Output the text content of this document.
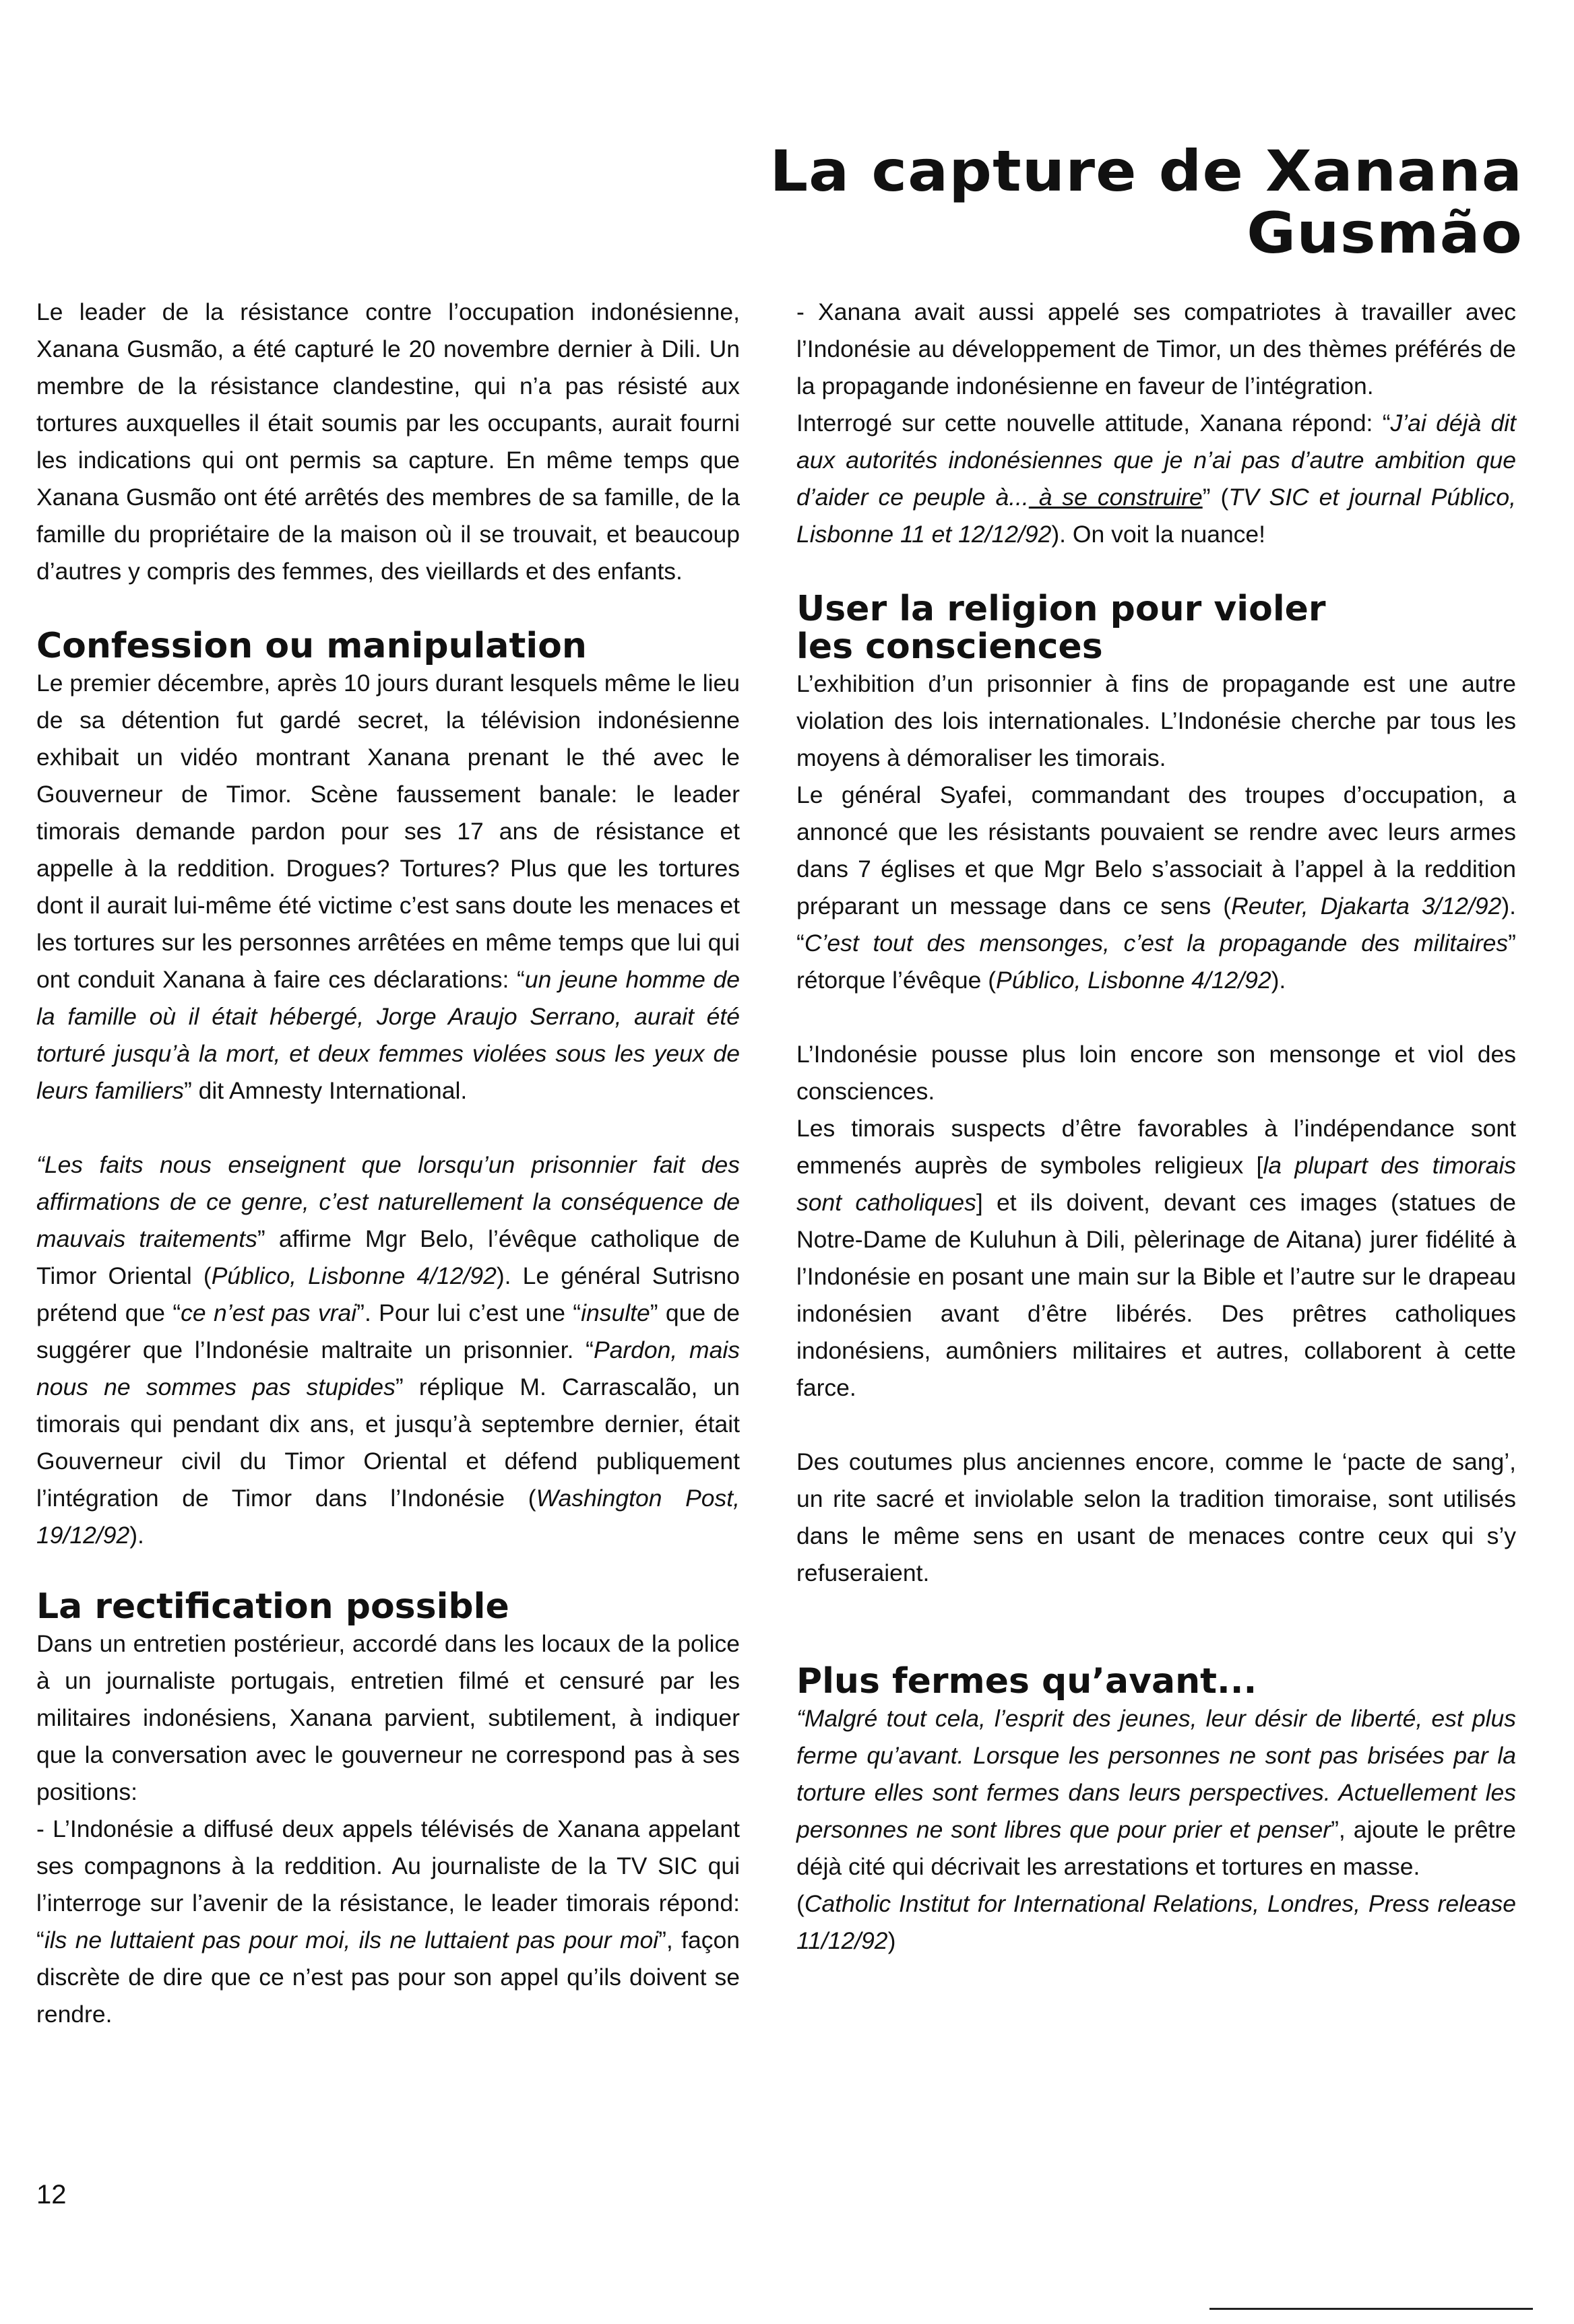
La capture de Xanana Gusmão

Le leader de la résistance contre l’occupation indonésienne, Xanana Gusmão, a été capturé le 20 novembre dernier à Dili. Un membre de la résistance clandestine, qui n’a pas résisté aux tortures auxquelles il était soumis par les occupants, aurait fourni les indications qui ont permis sa capture. En même temps que Xanana Gusmão ont été arrêtés des membres de sa famille, de la famille du propriétaire de la maison où il se trouvait, et beaucoup d’autres y compris des femmes, des vieillards et des enfants.

Confession ou manipulation

Le premier décembre, après 10 jours durant lesquels même le lieu de sa détention fut gardé secret, la télévision indonésienne exhibait un vidéo montrant Xanana prenant le thé avec le Gouverneur de Timor. Scène faussement banale: le leader timorais demande pardon pour ses 17 ans de résistance et appelle à la reddition. Drogues? Tortures? Plus que les tortures dont il aurait lui-même été victime c’est sans doute les menaces et les tortures sur les personnes arrêtées en même temps que lui qui ont conduit Xanana à faire ces déclarations: “un jeune homme de la famille où il était hébergé, Jorge Araujo Serrano, aurait été torturé jusqu’à la mort, et deux femmes violées sous les yeux de leurs familiers” dit Amnesty International.

“Les faits nous enseignent que lorsqu’un prisonnier fait des affirmations de ce genre, c’est naturellement la conséquence de mauvais traitements” affirme Mgr Belo, l’évêque catholique de Timor Oriental (Público, Lisbonne 4/12/92). Le général Sutrisno prétend que “ce n’est pas vrai”. Pour lui c’est une “insulte” que de suggérer que l’Indonésie maltraite un prisonnier. “Pardon, mais nous ne sommes pas stupides” réplique M. Carrascalão, un timorais qui pendant dix ans, et jusqu’à septembre dernier, était Gouverneur civil du Timor Oriental et défend publiquement l’intégration de Timor dans l’Indonésie (Washington Post, 19/12/92).

La rectification possible

Dans un entretien postérieur, accordé dans les locaux de la police à un journaliste portugais, entretien filmé et censuré par les militaires indonésiens, Xanana parvient, subtilement, à indiquer que la conversation avec le gouverneur ne correspond pas à ses positions:

- L’Indonésie a diffusé deux appels télévisés de Xanana appelant ses compagnons à la reddition. Au journaliste de la TV SIC qui l’interroge sur l’avenir de la résistance, le leader timorais répond: “ils ne luttaient pas pour moi, ils ne luttaient pas pour moi”, façon discrète de dire que ce n’est pas pour son appel qu’ils doivent se rendre.

- Xanana avait aussi appelé ses compatriotes à travailler avec l’Indonésie au développement de Timor, un des thèmes préférés de la propagande indonésienne en faveur de l’intégration.

Interrogé sur cette nouvelle attitude, Xanana répond: “J’ai déjà dit aux autorités indonésiennes que je n’ai pas d’autre ambition que d’aider ce peuple à... à se construire” (TV SIC et journal Público, Lisbonne 11 et 12/12/92). On voit la nuance!

User la religion pour violer
les consciences

L’exhibition d’un prisonnier à fins de propagande est une autre violation des lois internationales. L’Indonésie cherche par tous les moyens à démoraliser les timorais.

Le général Syafei, commandant des troupes d’occupation, a annoncé que les résistants pouvaient se rendre avec leurs armes dans 7 églises et que Mgr Belo s’associait à l’appel à la reddition préparant un message dans ce sens (Reuter, Djakarta 3/12/92). “C’est tout des mensonges, c’est la propagande des militaires” rétorque l’évêque (Público, Lisbonne 4/12/92).

L’Indonésie pousse plus loin encore son mensonge et viol des consciences.

Les timorais suspects d’être favorables à l’indépendance sont emmenés auprès de symboles religieux [la plupart des timorais sont catholiques] et ils doivent, devant ces images (statues de Notre-Dame de Kuluhun à Dili, pèlerinage de Aitana) jurer fidélité à l’Indonésie en posant une main sur la Bible et l’autre sur le drapeau indonésien avant d’être libérés. Des prêtres catholiques indonésiens, aumôniers militaires et autres, collaborent à cette farce.

Des coutumes plus anciennes encore, comme le ‘pacte de sang’, un rite sacré et inviolable selon la tradition timoraise, sont utilisés dans le même sens en usant de menaces contre ceux qui s’y refuseraient.

Plus fermes qu’avant...

“Malgré tout cela, l’esprit des jeunes, leur désir de liberté, est plus ferme qu’avant. Lorsque les personnes ne sont pas brisées par la torture elles sont fermes dans leurs perspectives. Actuellement les personnes ne sont libres que pour prier et penser”, ajoute le prêtre déjà cité qui décrivait les arrestations et tortures en masse.

(Catholic Institut for International Relations, Londres, Press release 11/12/92)

12
